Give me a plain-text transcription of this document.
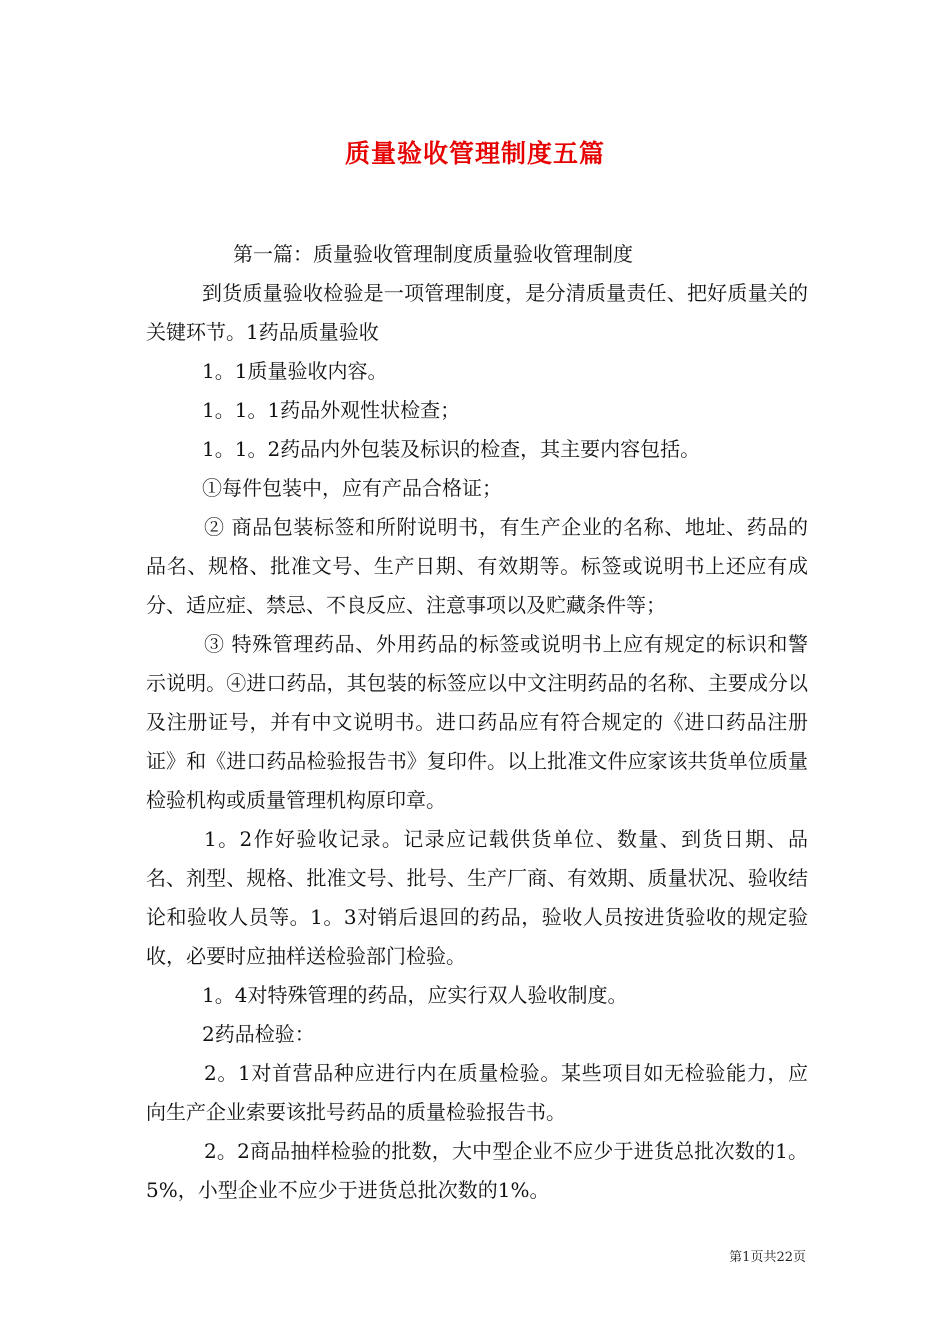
质量验收管理制度五篇

第一篇：质量验收管理制度质量验收管理制度

到货质量验收检验是一项管理制度，是分清质量责任、把好质量关的关键环节。1药品质量验收

1。1质量验收内容。

1。1。1药品外观性状检查；

1。1。2药品内外包装及标识的检查，其主要内容包括。

①每件包装中，应有产品合格证；

② 商品包装标签和所附说明书，有生产企业的名称、地址、药品的品名、规格、批准文号、生产日期、有效期等。标签或说明书上还应有成分、适应症、禁忌、不良反应、注意事项以及贮藏条件等；

③ 特殊管理药品、外用药品的标签或说明书上应有规定的标识和警示说明。④进口药品，其包装的标签应以中文注明药品的名称、主要成分以及注册证号，并有中文说明书。进口药品应有符合规定的《进口药品注册证》和《进口药品检验报告书》复印件。以上批准文件应家该共货单位质量检验机构或质量管理机构原印章。

1。2作好验收记录。记录应记载供货单位、数量、到货日期、品名、剂型、规格、批准文号、批号、生产厂商、有效期、质量状况、验收结论和验收人员等。1。3对销后退回的药品，验收人员按进货验收的规定验收，必要时应抽样送检验部门检验。

1。4对特殊管理的药品，应实行双人验收制度。

2药品检验：

2。1对首营品种应进行内在质量检验。某些项目如无检验能力，应向生产企业索要该批号药品的质量检验报告书。

2。2商品抽样检验的批数，大中型企业不应少于进货总批次数的1。5%，小型企业不应少于进货总批次数的1%。

第1页共22页
